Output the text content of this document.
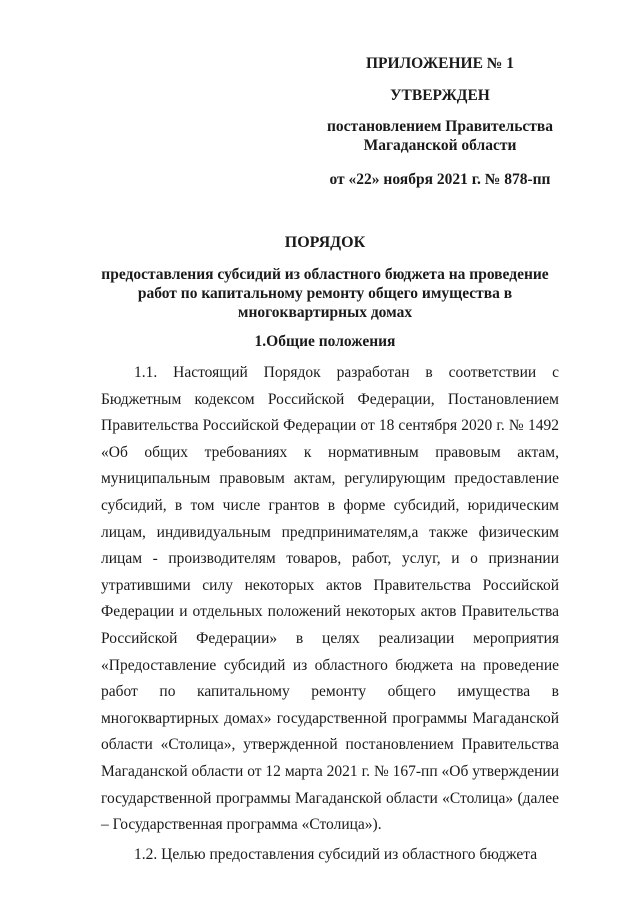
ПРИЛОЖЕНИЕ № 1
УТВЕРЖДЕН
постановлением Правительства Магаданской области
от «22» ноября 2021 г. № 878-пп
ПОРЯДОК
предоставления субсидий из областного бюджета на проведение работ по капитальному ремонту общего имущества в многоквартирных домах
1.Общие положения

1.1. Настоящий Порядок разработан в соответствии с Бюджетным кодексом Российской Федерации, Постановлением Правительства Российской Федерации от 18 сентября 2020 г. № 1492 «Об общих требованиях к нормативным правовым актам, муниципальным правовым актам, регулирующим предоставление субсидий, в том числе грантов в форме субсидий, юридическим лицам, индивидуальным предпринимателям,а также физическим лицам - производителям товаров, работ, услуг, и о признании утратившими силу некоторых актов Правительства Российской Федерации и отдельных положений некоторых актов Правительства Российской Федерации» в целях реализации мероприятия «Предоставление субсидий из областного бюджета на проведение работ по капитальному ремонту общего имущества в многоквартирных домах» государственной программы Магаданской области «Столица», утвержденной постановлением Правительства Магаданской области от 12 марта 2021 г. № 167-пп «Об утверждении государственной программы Магаданской области «Столица» (далее – Государственная программа «Столица»).

1.2. Целью предоставления субсидий из областного бюджета
